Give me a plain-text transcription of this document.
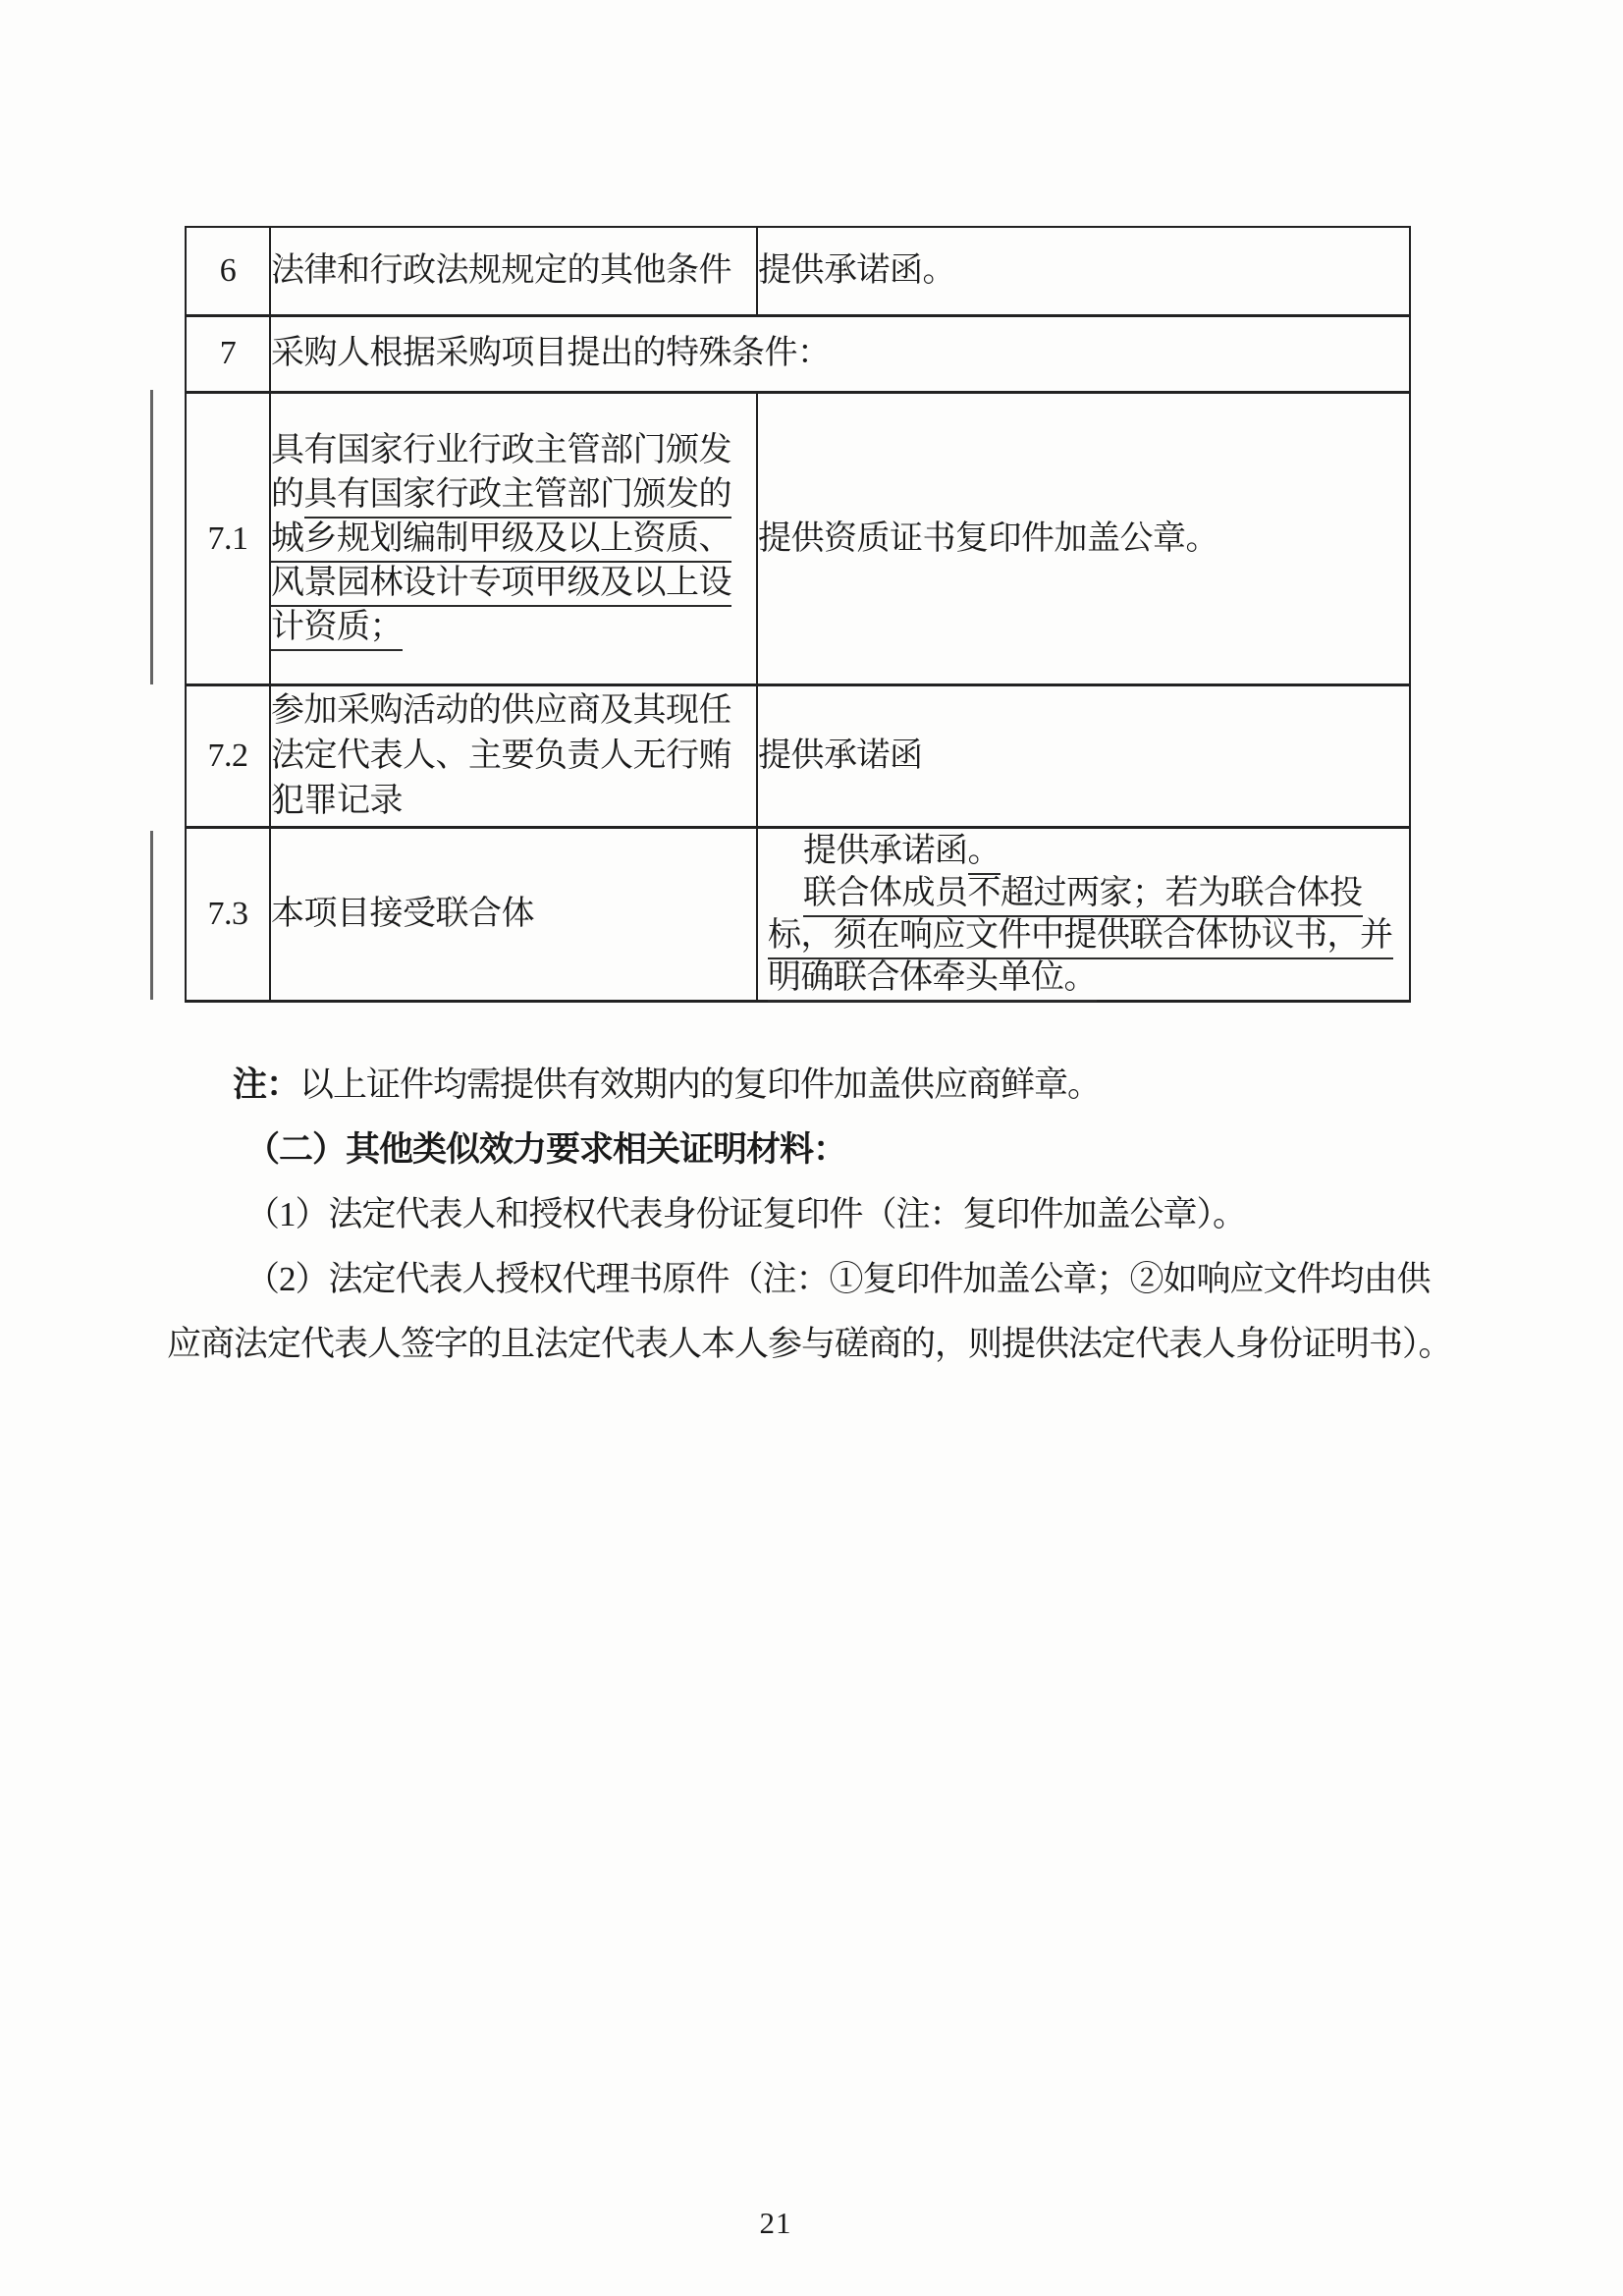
6	法律和行政法规规定的其他条件	提供承诺函。
7	采购人根据采购项目提出的特殊条件：	
7.1	具有国家行业行政主管部门颁发
的具有国家行政主管部门颁发的
城乡规划编制甲级及以上资质、
风景园林设计专项甲级及以上设
计资质；	提供资质证书复印件加盖公章。
7.2	参加采购活动的供应商及其现任
法定代表人、主要负责人无行贿
犯罪记录	提供承诺函
7.3	本项目接受联合体	提供承诺函。

联合体成员不超过两家；若为联合体投
标，须在响应文件中提供联合体协议书，并
明确联合体牵头单位。

注：以上证件均需提供有效期内的复印件加盖供应商鲜章。

（二）其他类似效力要求相关证明材料：

（1）法定代表人和授权代表身份证复印件（注：复印件加盖公章）。

（2）法定代表人授权代理书原件（注：①复印件加盖公章；②如响应文件均由供
应商法定代表人签字的且法定代表人本人参与磋商的，则提供法定代表人身份证明书）。

21
